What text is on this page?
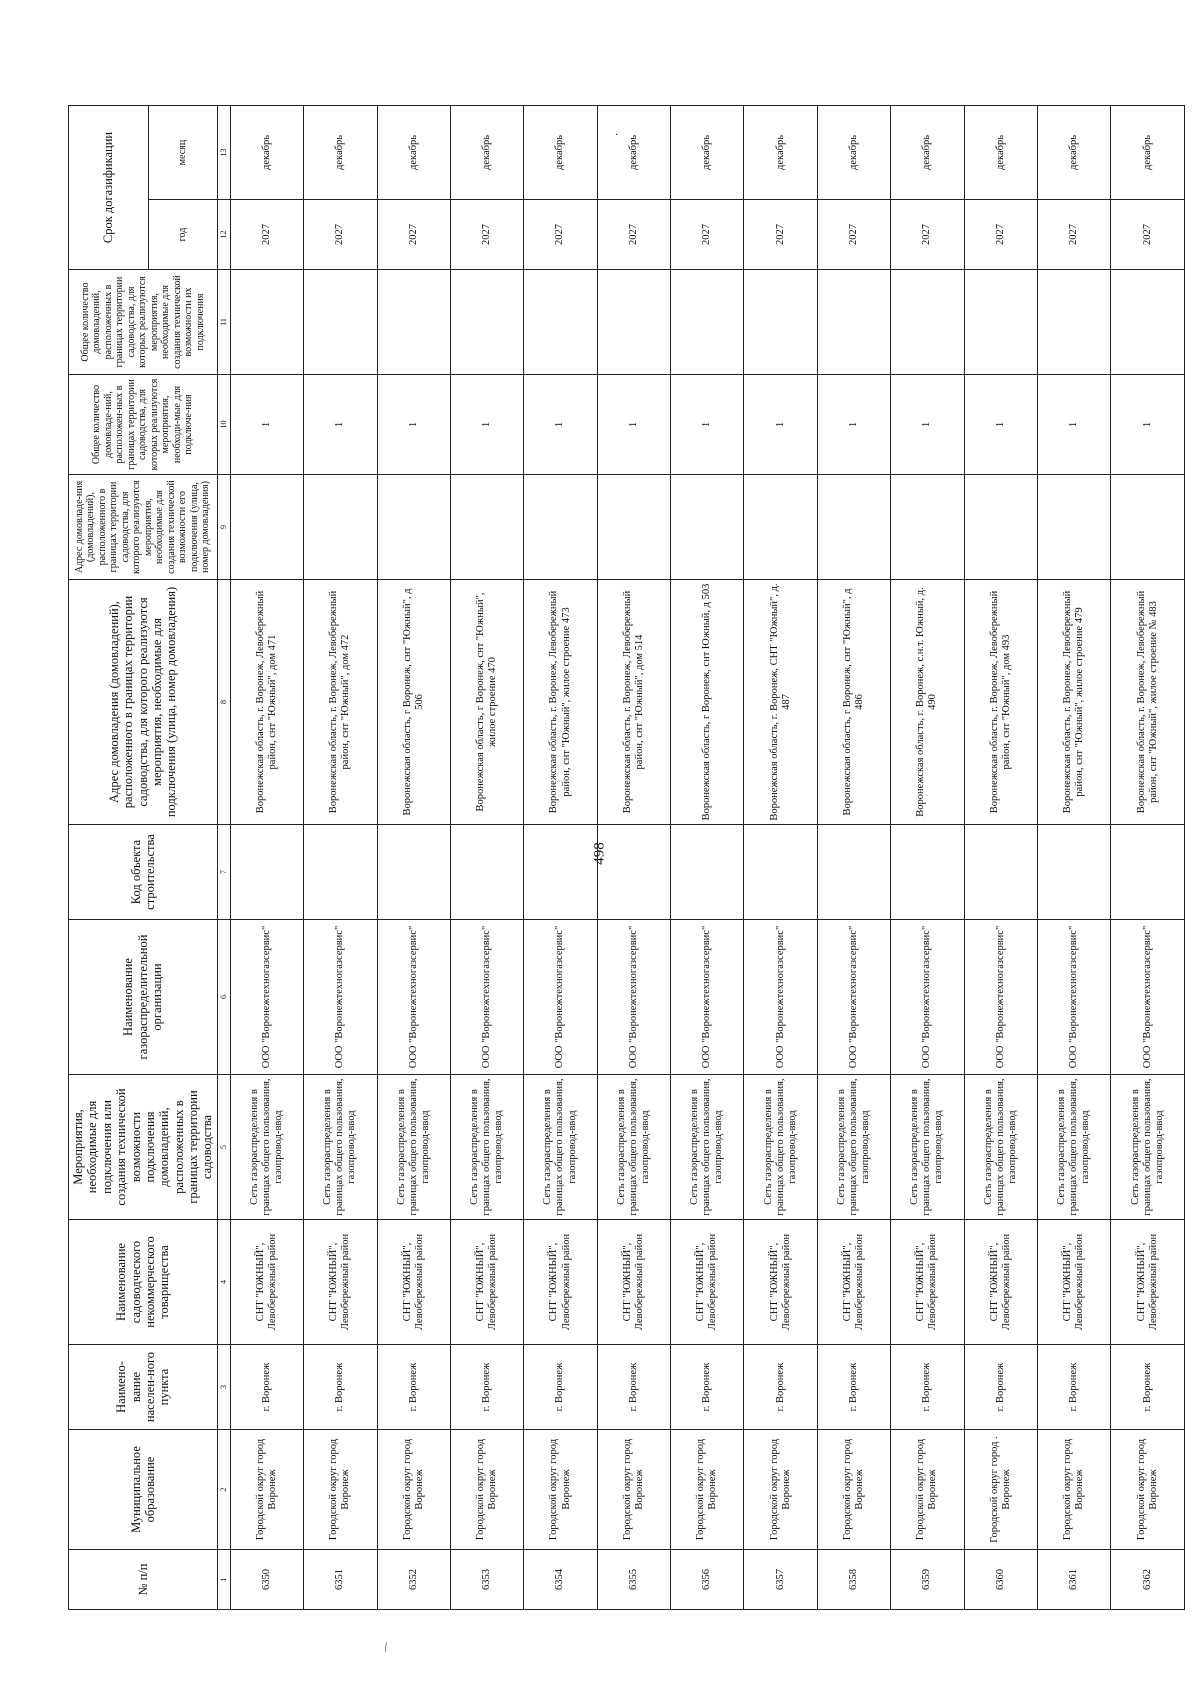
498
·
⁄
№ п/п	Муниципальное образование	Наимено-вание населен-ного пункта	Наименование садоводческого некоммерческого товарищества	Мероприятия, необходимые для подключения или создания технической возможности подключения домовладений, расположенных в границах территории садоводства	Наименование газораспределительной организации	Код объекта строительства	Адрес домовладения (домовладений), расположенного в границах территории садоводства, для которого реализуются мероприятия, необходимые для подключения (улица, номер домовладения)	Адрес домовладе-ния (домовладений), расположенного в границах территории садоводства, для которого реализуются мероприятия, необходимые для создания технической возможности его подключения (улица, номер домовладения)	Общее количество домовладе-ний, расположен-ных в границах территории садоводства, для которых реализуются мероприятия, необходи-мые для подключе-ния	Общее количество домовладений, расположенных в границах территории садоводства, для которых реализуются мероприятия, необходимые для создания технической возможности их подключения	Срок догазификации	
											год	месяц
1	2	3	4	5	6	7	8	9	10	11	12	13
6350	Городской округ город Воронеж	г. Воронеж	СНТ "ЮЖНЫЙ", Левобережный район	Сеть газораспределения в границах общего пользования, газопровод-ввод	ООО "Воронежтехногазсервис"		Воронежская область, г. Воронеж, Левобережный район, снт "Южный", дом 471		1		2027	декабрь
6351	Городской округ город Воронеж	г. Воронеж	СНТ "ЮЖНЫЙ", Левобережный район	Сеть газораспределения в границах общего пользования, газопровод-ввод	ООО "Воронежтехногазсервис"		Воронежская область, г. Воронеж, Левобережный район, снт "Южный", дом 472		1		2027	декабрь
6352	Городской округ город Воронеж	г. Воронеж	СНТ "ЮЖНЫЙ", Левобережный район	Сеть газораспределения в границах общего пользования, газопровод-ввод	ООО "Воронежтехногазсервис"		Воронежская область, г Воронеж, снт "Южный", д 506		1		2027	декабрь
6353	Городской округ город Воронеж	г. Воронеж	СНТ "ЮЖНЫЙ", Левобережный район	Сеть газораспределения в границах общего пользования, газопровод-ввод	ООО "Воронежтехногазсервис"		Воронежская область, г Воронеж, снт "Южный", жилое строение 470		1		2027	декабрь
6354	Городской округ город Воронеж	г. Воронеж	СНТ "ЮЖНЫЙ", Левобережный район	Сеть газораспределения в границах общего пользования, газопровод-ввод	ООО "Воронежтехногазсервис"		Воронежская область, г. Воронеж, Левобережный район, снт "Южный", жилое строение 473		1		2027	декабрь
6355	Городской округ город Воронеж	г. Воронеж	СНТ "ЮЖНЫЙ", Левобережный район	Сеть газораспределения в границах общего пользования, газопровод-ввод	ООО "Воронежтехногазсервис"		Воронежская область, г. Воронеж, Левобережный район, снт "Южный", дом 514		1		2027	декабрь
6356	Городской округ город Воронеж	г. Воронеж	СНТ "ЮЖНЫЙ", Левобережный район	Сеть газораспределения в границах общего пользования, газопровод-ввод	ООО "Воронежтехногазсервис"		Воронежская область, г Воронеж, снт Южный, д 503		1		2027	декабрь
6357	Городской округ город Воронеж	г. Воронеж	СНТ "ЮЖНЫЙ", Левобережный район	Сеть газораспределения в границах общего пользования, газопровод-ввод	ООО "Воронежтехногазсервис"		Воронежская область, г. Воронеж, СНТ "Южный", д. 487		1		2027	декабрь
6358	Городской округ город Воронеж	г. Воронеж	СНТ "ЮЖНЫЙ", Левобережный район	Сеть газораспределения в границах общего пользования, газопровод-ввод	ООО "Воронежтехногазсервис"		Воронежская область, г Воронеж, снт "Южный", д 486		1		2027	декабрь
6359	Городской округ город Воронеж	г. Воронеж	СНТ "ЮЖНЫЙ", Левобережный район	Сеть газораспределения в границах общего пользования, газопровод-ввод	ООО "Воронежтехногазсервис"		Воронежская область, г. Воронеж, с.н.т. Южный, д. 490		1		2027	декабрь
6360	Городской округ город . Воронеж	г. Воронеж	СНТ "ЮЖНЫЙ", Левобережный район	Сеть газораспределения в границах общего пользования, газопровод-ввод	ООО "Воронежтехногазсервис"		Воронежская область, г. Воронеж, Левобережный район, снт "Южный", дом 493		1		2027	декабрь
6361	Городской округ город Воронеж	г. Воронеж	СНТ "ЮЖНЫЙ", Левобережный район	Сеть газораспределения в границах общего пользования, газопровод-ввод	ООО "Воронежтехногазсервис"		Воронежская область, г. Воронеж, Левобережный район, снт "Южный", жилое строение 479		1		2027	декабрь
6362	Городской округ город Воронеж	г. Воронеж	СНТ "ЮЖНЫЙ", Левобережный район	Сеть газораспределения в границах общего пользования, газопровод-ввод	ООО "Воронежтехногазсервис"		Воронежская область, г. Воронеж, Левобережный район, снт "Южный", жилое строение № 483		1		2027	декабрь
